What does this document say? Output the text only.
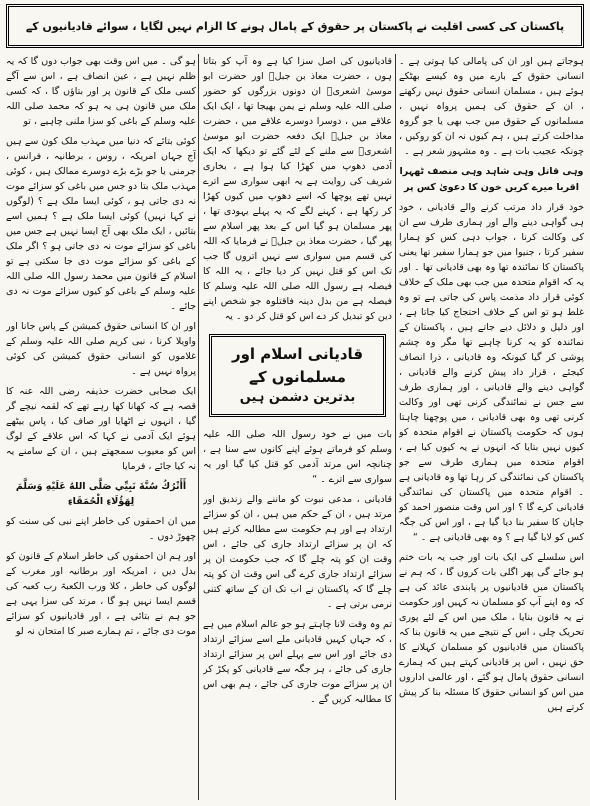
پاکستان کی کسی اقلیت نے پاکستان پر حقوق کے پامال ہونے کا الزام نہیں لگایا ، سوائے قادیانیوں کے

ہوجاتے ہیں اور ان کی پامالی کیا ہوتی ہے ۔ انسانی حقوق کے بارے میں وہ کیسے بھٹکے ہوئے ہیں ، مسلمان انسانی حقوق نہیں رکھتے ، ان کے حقوق کی ہمیں پرواہ نہیں ، مسلمانوں کے حقوق میں جب بھی یا جو گروہ مداخلت کرتے ہیں ، ہم کیوں نہ ان کو روکیں ، چونکہ عجیب بات ہے ۔ وہ مشہور شعر ہے ۔

وہی قاتل وہی شاہد وہی منصف ٹھہرا
اقربا میرے کریں خون کا دعویٰ کس پر

خود قرار داد مرتب کرنے والے قادیانی ، خود ہی گواہی دینے والے اور ہماری طرف سے ان کی وکالت کرنا ، جواب دہی کس کو ہمارا سفیر کرتا ، جنیوا میں جو ہمارا سفیر تھا یعنی پاکستان کا نمائندہ تھا وہ بھی قادیانی تھا ۔ اور یہ کہ اقوام متحدہ میں جب بھی ملک کے خلاف کوئی قرار داد مذمت پاس کی جاتی ہے تو وہ غلط ہو تو اس کے خلاف احتجاج کیا جاتا ہے ، اور دلیل و دلائل دیے جاتے ہیں ، پاکستان کے نمائندہ کو یہ کرنا چاہیے تھا مگر وہ چشم پوشی کر گیا کیونکہ وہ قادیانی ، ذرا انصاف کیجئے ، قرار داد پیش کرنے والے قادیانی ، گواہی دینے والے قادیانی ، اور ہماری طرف سے جس نے نمائندگی کرنی تھی اور وکالت کرنی تھی وہ بھی قادیانی ، میں پوچھنا چاہتا ہوں کہ حکومت پاکستان نے اقوام متحدہ کو کیوں نہیں بتایا کہ انہوں نے یہ کیوں کیا ہے ، اقوام متحدہ میں ہماری طرف سے جو پاکستان کی نمائندگی کر رہا تھا وہ قادیانی ہے ۔ اقوام متحدہ میں پاکستان کی نمائندگی قادیانی کرے گا ؟ اور اس وقت منصور احمد کو جاپان کا سفیر بنا دیا گیا ہے ، اور اس کی جگہ کس کو لایا گیا ہے ؟ وہ بھی قادیانی ہے ۔ “

اس سلسلے کی ایک بات اور جب یہ بات ختم ہو جائے گی پھر اگلی بات کروں گا ، کہ ہم نے پاکستان میں قادیانیوں پر پابندی عائد کی ہے کہ وہ اپنے آپ کو مسلمان نہ کہیں اور حکومت نے یہ قانون بنایا ، ملک میں اس کے لئے پوری تحریک چلی ، اس کے نتیجے میں یہ قانون بنا کہ پاکستان میں قادیانیوں کو مسلمان کہلانے کا حق نہیں ، اس پر قادیانی کہتے ہیں کہ ہمارے انسانی حقوق پامال ہو گئے ، اور عالمی اداروں میں اس کو انسانی حقوق کا مسئلہ بنا کر پیش کرتے ہیں

قادیانیوں کی اصل سزا کیا ہے وہ آپ کو بتاتا ہوں ، حضرت معاذ بن جبلؓ اور حضرت ابو موسیٰ اشعریؓ ان دونوں بزرگوں کو حضور صلی اللہ علیہ وسلم نے یمن بھیجا تھا ، ایک ایک علاقے میں ، دوسرا دوسرے علاقے میں ، حضرت معاذ بن جبلؓ ایک دفعہ حضرت ابو موسیٰ اشعریؓ سے ملنے کے لئے گئے تو دیکھا کہ ایک آدمی دھوپ میں کھڑا کیا ہوا ہے ، بخاری شریف کی روایت ہے یہ ابھی سواری سے اترے نہیں تھے پوچھا کہ اسے دھوپ میں کیوں کھڑا کر رکھا ہے ، کہنے لگے کہ یہ پہلے یہودی تھا ، پھر مسلمان ہو گیا اس کے بعد پھر اسلام سے پھر گیا ، حضرت معاذ بن جبلؓ نے فرمایا کہ اللہ کی قسم میں سواری سے نہیں اتروں گا جب تک اس کو قتل نہیں کر دیا جائے ، یہ اللہ کا فیصلہ ہے رسول اللہ صلی اللہ علیہ وسلم کا فیصلہ ہے من بدل دینہ فاقتلوہ جو شخص اپنے دین کو تبدیل کر دے اس کو قتل کر دو ۔ یہ

قادیانی اسلام اور مسلمانوں کے
بدترین دشمن ہیں

بات میں نے خود رسول اللہ صلی اللہ علیہ وسلم کو فرماتے ہوئے اپنے کانوں سے سنا ہے ، چنانچہ اس مرتد آدمی کو قتل کیا گیا اور یہ سواری سے اترے ۔ “

قادیانی ، مدعی نبوت کو ماننے والے زندیق اور مرتد ہیں ، ان کے حکم میں ہیں ، ان کو سزائے ارتداد ہے اور ہم حکومت سے مطالبہ کرتے ہیں کہ ان پر سزائے ارتداد جاری کی جائے ، اس وقت ان کو پتہ چلے گا کہ جب حکومت ان پر سزائے ارتداد جاری کرے گی اس وقت ان کو پتہ چلے گا کہ پاکستان نے اب تک ان کے ساتھ کتنی نرمی برتی ہے ۔

تم وہ وقت لانا چاہتے ہو جو عالم اسلام میں ہے ، کہ جہاں کہیں قادیانی ملے اسے سزائے ارتداد دی جائے اور اس سے پہلے اس پر سزائے ارتداد جاری کی جائے ، ہر جگہ سے قادیانی کو پکڑ کر ان پر سزائے موت جاری کی جائے ، ہم بھی اس کا مطالبہ کریں گے ۔

ہو گی ۔ میں اس وقت بھی جواب دوں گا کہ یہ ظلم نہیں ہے ، عین انصاف ہے ، اس سے آگے کسی ملک کے قانون پر اور بتاؤں گا ، کہ کسی ملک میں قانون ہی یہ ہو کہ محمد صلی اللہ علیہ وسلم کے باغی کو سزا ملنی چاہیے ، تو

کوئی بتائے کہ دنیا میں مہذب ملک کون سے ہیں آج جہاں امریکہ ، روس ، برطانیہ ، فرانس ، جرمنی یا جو بڑے بڑے دوسرے ممالک ہیں ، کوئی مہذب ملک بتا دو جس میں باغی کو سزائے موت نہ دی جاتی ہو ، کوئی ایسا ملک ہے ؟ (لوگوں نے کہا نہیں) کوئی ایسا ملک ہے ؟ ہمیں اسے بتائیں ، ایک ملک بھی آج ایسا نہیں ہے جس میں باغی کو سزائے موت نہ دی جاتی ہو ؟ اگر ملک کے باغی کو سزائے موت دی جا سکتی ہے تو اسلام کے قانون میں محمد رسول اللہ صلی اللہ علیہ وسلم کے باغی کو کیوں سزائے موت نہ دی جائے ۔

اور ان کا انسانی حقوق کمیشن کے پاس جانا اور واویلا کرنا ، نبی کریم صلی اللہ علیہ وسلم کے غلاموں کو انسانی حقوق کمیشن کی کوئی پرواہ نہیں ہے ۔

ایک صحابی حضرت حذیفہ رضی اللہ عنہ کا قصہ ہے کہ کھانا کھا رہے تھے کہ لقمہ نیچے گر گیا ، انہوں نے اٹھایا اور صاف کیا ، پاس بیٹھے ہوئے ایک آدمی نے کہا کہ اس علاقے کے لوگ اس کو معیوب سمجھتے ہیں ، ان کے سامنے یہ نہ کیا جائے ، فرمایا

أَأَتْرُكُ سُنَّةَ نَبِيِّي صَلَّى اللهُ عَلَيْهِ وَسَلَّمَ لِهَؤُلَاءِ الْحُمَقَاءِ

میں ان احمقوں کی خاطر اپنے نبی کی سنت کو چھوڑ دوں ۔

اور ہم ان احمقوں کی خاطر اسلام کے قانون کو بدل دیں ، امریکہ اور برطانیہ اور مغرب کے لوگوں کی خاطر ، کلا ورب الکعبۃ رب کعبہ کی قسم ایسا نہیں ہو گا ، مرتد کی سزا یہی ہے جو ہم نے بتائی ہے ، اور قادیانیوں کو سزائے موت دی جائے ، تم ہمارے صبر کا امتحان نہ لو
